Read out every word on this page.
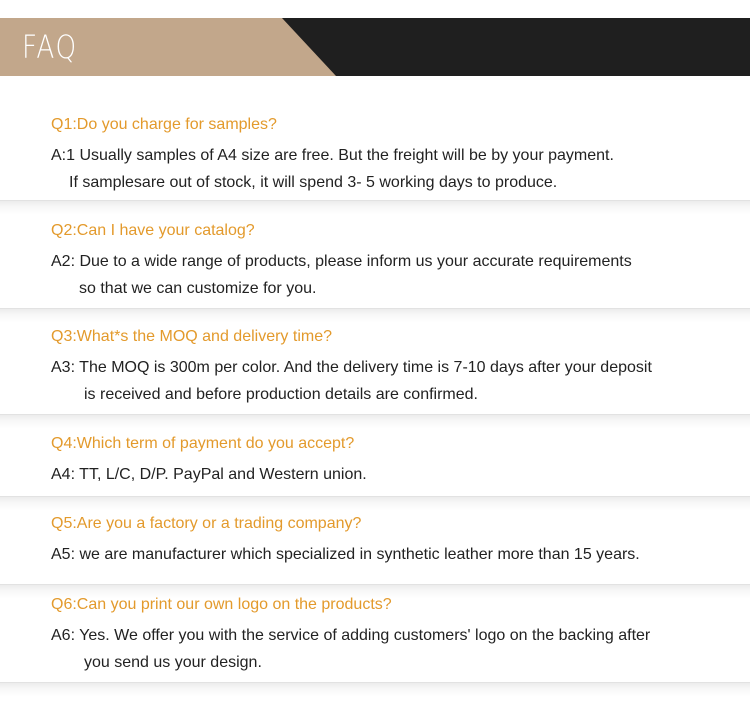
FAQ
Q1:Do you charge for samples?
A:1 Usually samples of A4 size are free. But the freight will be by your payment.
If samplesare out of stock, it will spend 3- 5 working days to produce.
Q2:Can I have your catalog?
A2: Due to a wide range of products, please inform us your accurate requirements
so that we can customize for you.
Q3:What*s the MOQ and delivery time?
A3: The MOQ is 300m per color. And the delivery time is 7-10 days after your deposit
is received and before production details are confirmed.
Q4:Which term of payment do you accept?
A4: TT, L/C, D/P. PayPal and Western union.
Q5:Are you a factory or a trading company?
A5: we are manufacturer which specialized in synthetic leather more than 15 years.
Q6:Can you print our own logo on the products?
A6: Yes. We offer you with the service of adding customers' logo on the backing after
you send us your design.
